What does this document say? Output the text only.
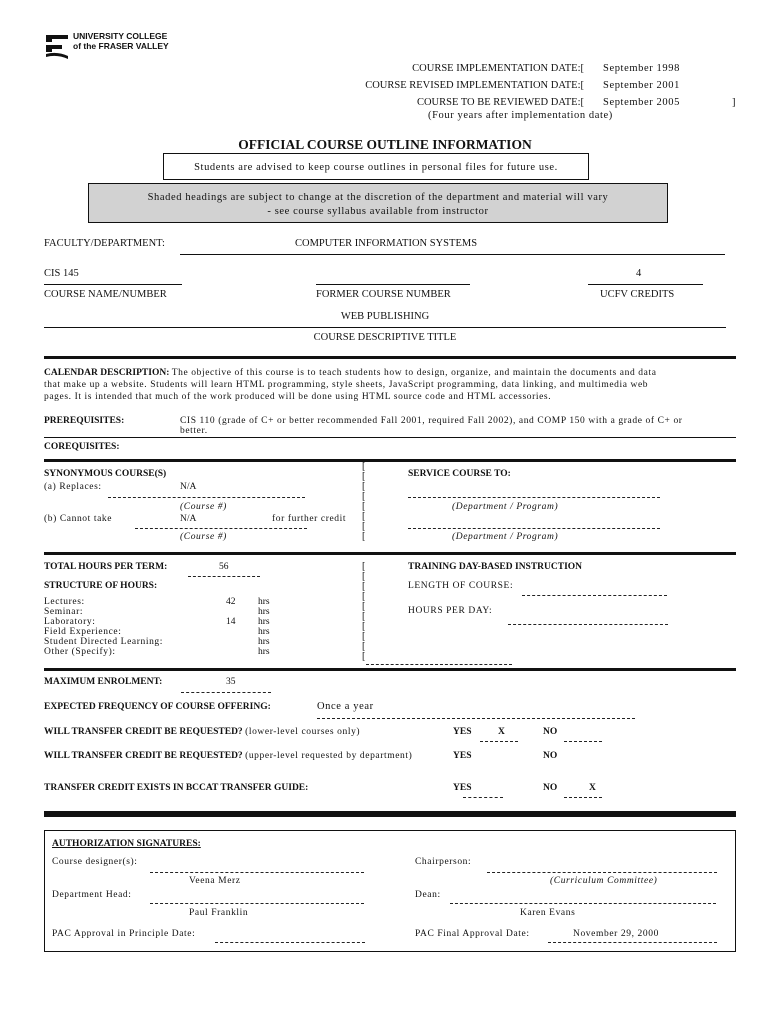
UNIVERSITY COLLEGE
of the FRASER VALLEY
COURSE IMPLEMENTATION DATE:[ September 1998
COURSE REVISED IMPLEMENTATION DATE:[ September 2001
COURSE TO BE REVIEWED DATE:[ September 2005	]
(Four years after implementation date)
OFFICIAL COURSE OUTLINE INFORMATION
Students are advised to keep course outlines in personal files for future use.
Shaded headings are subject to change at the discretion of the department and material will vary
- see course syllabus available from instructor
FACULTY/DEPARTMENT:	COMPUTER INFORMATION SYSTEMS
CIS 145	4
COURSE NAME/NUMBER	FORMER COURSE NUMBER	UCFV CREDITS
WEB PUBLISHING
COURSE DESCRIPTIVE TITLE
CALENDAR DESCRIPTION: The objective of this course is to teach students how to design, organize, and maintain the documents and data
that make up a website. Students will learn HTML programming, style sheets, JavaScript programming, data linking, and multimedia web
pages. It is intended that much of the work produced will be done using HTML source code and HTML accessories.
PREREQUISITES:	CIS 110 (grade of C+ or better recommended Fall 2001, required Fall 2002), and COMP 150 with a grade of C+ or
better.
COREQUISITES:
SYNONYMOUS COURSE(S)
(a) Replaces:	N/A
(Course #)
(b) Cannot take	N/A	for further credit
(Course #)
[
[
[
[
[
[
[
[
SERVICE COURSE TO:
(Department / Program)
(Department / Program)
TOTAL HOURS PER TERM:	56
STRUCTURE OF HOURS:
Lectures:	42 hrs
Seminar:	hrs
Laboratory:	14 hrs
Field Experience:	hrs
Student Directed Learning:	hrs
Other (Specify):	hrs
[
[
[
[
[
[
[
[
[
[
TRAINING DAY-BASED INSTRUCTION
LENGTH OF COURSE:
HOURS PER DAY:
MAXIMUM ENROLMENT:	35
EXPECTED FREQUENCY OF COURSE OFFERING:	Once a year
WILL TRANSFER CREDIT BE REQUESTED? (lower-level courses only)	YES	X	NO
WILL TRANSFER CREDIT BE REQUESTED? (upper-level requested by department)	YES	NO
TRANSFER CREDIT EXISTS IN BCCAT TRANSFER GUIDE:	YES	NO	X
AUTHORIZATION SIGNATURES:
Course designer(s):
Veena Merz
Chairperson:
(Curriculum Committee)
Department Head:
Paul Franklin
Dean:
Karen Evans
PAC Approval in Principle Date:	PAC Final Approval Date:	November 29, 2000
